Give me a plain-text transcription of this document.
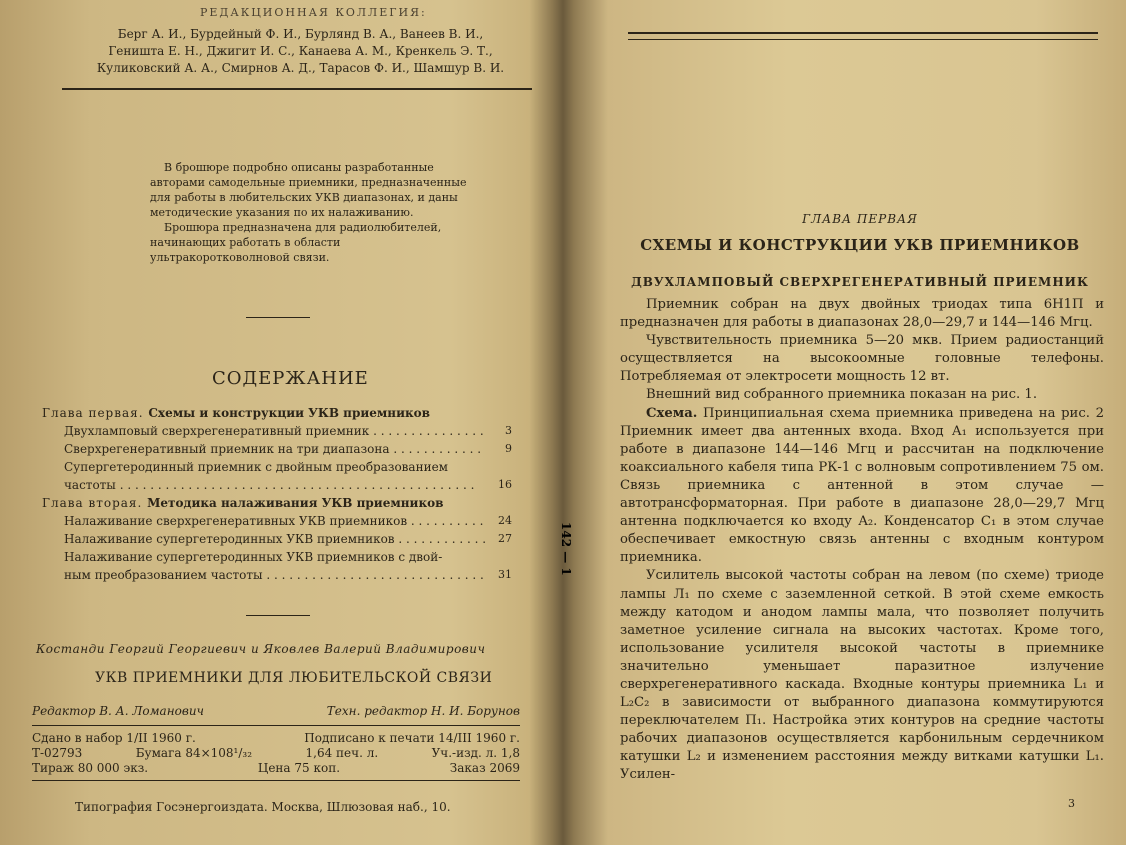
РЕДАКЦИОННАЯ КОЛЛЕГИЯ:
Берг А. И., Бурдейный Ф. И., Бурлянд В. А., Ванеев В. И.,
Геништа Е. Н., Джигит И. С., Канаева А. М., Кренкель Э. Т.,
Куликовский А. А., Смирнов А. Д., Тарасов Ф. И., Шамшур В. И.

В брошюре подробно описаны разработанные авторами самодельные приемники, предназначенные для работы в любительских УКВ диапазонах, и даны методические указания по их налаживанию.

Брошюра предназначена для радиолюбителей, начинающих работать в области ультракоротковолновой связи.

СОДЕРЖАНИЕ
Глава первая. Схемы и конструкции УКВ приемников
Двухламповый сверхрегенеративный приемник . . .	3
Сверхрегенеративный приемник на три диапазона . . .	9
Супергетеродинный приемник с двойным преобразованием
частоты . . .	16
Глава вторая. Методика налаживания УКВ приемников
Налаживание сверхрегенеративных УКВ приемников . . .	24
Налаживание супергетеродинных УКВ приемников . . .	27
Налаживание супергетеродинных УКВ приемников с двой-
ным преобразованием частоты . . .	31
Костанди Георгий Георгиевич и Яковлев Валерий Владимирович
УКВ ПРИЕМНИКИ ДЛЯ ЛЮБИТЕЛЬСКОЙ СВЯЗИ
Редактор В. А. Ломанович	Техн. редактор Н. И. Борунов
Сдано в набор 1/II 1960 г.	Подписано к печати 14/III 1960 г.
Т-02793	Бумага 84×108¹/₃₂	1,64 печ. л.	Уч.-изд. л. 1,8
Тираж 80 000 экз.	Цена 75 коп.	Заказ 2069
Типография Госэнергоиздата. Москва, Шлюзовая наб., 10.
142 — 1
ГЛАВА ПЕРВАЯ
СХЕМЫ И КОНСТРУКЦИИ УКВ ПРИЕМНИКОВ
ДВУХЛАМПОВЫЙ СВЕРХРЕГЕНЕРАТИВНЫЙ ПРИЕМНИК

Приемник собран на двух двойных триодах типа 6Н1П и предназначен для работы в диапазонах 28,0—29,7 и 144—146 Мгц.

Чувствительность приемника 5—20 мкв. Прием радиостанций осуществляется на высокоомные головные телефоны. Потребляемая от электросети мощность 12 вт.

Внешний вид собранного приемника показан на рис. 1.

Схема. Принципиальная схема приемника приведена на рис. 2 Приемник имеет два антенных входа. Вход A₁ используется при работе в диапазоне 144—146 Мгц и рассчитан на подключение коаксиального кабеля типа РК-1 с волновым сопротивлением 75 ом. Связь приемника с антенной в этом случае — автотрансформаторная. При работе в диапазоне 28,0—29,7 Мгц антенна подключается ко входу A₂. Конденсатор C₁ в этом случае обеспечивает емкостную связь антенны с входным контуром приемника.

Усилитель высокой частоты собран на левом (по схеме) триоде лампы Л₁ по схеме с заземленной сеткой. В этой схеме емкость между катодом и анодом лампы мала, что позволяет получить заметное усиление сигнала на высоких частотах. Кроме того, использование усилителя высокой частоты в приемнике значительно уменьшает паразитное излучение сверхрегенеративного каскада. Входные контуры приемника L₁ и L₂C₂ в зависимости от выбранного диапазона коммутируются переключателем П₁. Настройка этих контуров на средние частоты рабочих диапазонов осуществляется карбонильным сердечником катушки L₂ и изменением расстояния между витками катушки L₁. Усилен-

3
